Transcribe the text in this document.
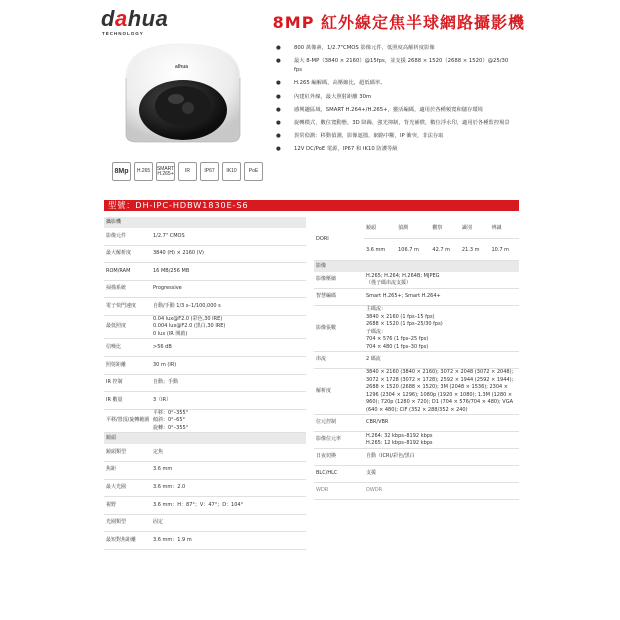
dahua
TECHNOLOGY
8MP 紅外線定焦半球網路攝影機
alhua
8Mp	H.265	SMART H.265+	IR	IP67	IK10	PoE
● 800 萬像素，1/2.7"CMOS 影像元件，低照度高解析度影像
● 最大 8-MP（3840 × 2160）@15fps，並支援 2688 × 1520（2688 × 1520）@25/30 fps
● H.265 編解碼，高壓縮比，超低碼率。
● 內建紅外線，最大照射距離 30m
● 感興趣區域，SMART H.264+/H.265+，靈活編碼，適用於各種頻寬和儲存環境
● 旋轉模式，數位寬動態，3D 降躁，強光抑制，背光補償，數位浮水印，適用於各種監控場景
● 異常偵測：移動偵測，影像遮擋，網路中斷，IP 衝突，非法存取
● 12V DC/PoE 電源，IP67 和 IK10 防護等級
型號：DH-IPC-HDBW1830E-S6
攝影機
影像元件	1/2.7" CMOS
最大解析度	3840 (H) × 2160 (V)
ROM/RAM	16 MB/256 MB
掃描系統	Progressive
電子快門速度	自動/手動 1/3 s–1/100,000 s
最低照度
0.04 lux@F2.0 (彩色,30 IRE)
0.004 lux@F2.0 (黑白,30 IRE)
0 lux (IR 開啟)
信噪比	>56 dB
照射距離	30 m (IR)
IR 控制	自動；手動
IR 數量	3（IR）
平移/置頂/旋轉範圍
平移：0°–355°
傾斜：0°–65°
旋轉：0°–355°
鏡頭
鏡頭類型	定焦
焦距	3.6 mm
最大光圈	3.6 mm：2.0
視野	3.6 mm：H：87°；V：47°；D：104°
光圈類型	固定
最短對焦距離	3.6 mm：1.9 m
DORI
鏡頭	偵測	觀察	識別	辨識
3.6 mm	106.7 m	42.7 m	21.3 m	10.7 m
影像
影像壓縮
H.265; H.264; H.264B; MJPEG
（僅子碼串流支援）
智慧編碼	Smart H.265+; Smart H.264+
影像張數
主碼流：
3840 × 2160 (1 fps–15 fps)
2688 × 1520 (1 fps–25/30 fps)
子碼流：
704 × 576 (1 fps–25 fps)
704 × 480 (1 fps–30 fps)
串流	2 碼流
解析度
3840 × 2160 (3840 × 2160); 3072 × 2048 (3072 × 2048); 3072 × 1728 (3072 × 1728); 2592 × 1944 (2592 × 1944); 2688 × 1520 (2688 × 1520); 3M (2048 × 1536); 2304 × 1296 (2304 × 1296); 1080p (1920 × 1080); 1.3M (1280 × 960); 720p (1280 × 720); D1 (704 × 576/704 × 480); VGA (640 × 480); CIF (352 × 288/352 × 240)
位元控制	CBR/VBR
影像位元率
H.264: 32 kbps–8192 kbps
H.265: 12 kbps–8192 kbps
日夜切換	自動（ICR)/彩色/黑白
BLC/HLC	支援
WDR	DWDR
